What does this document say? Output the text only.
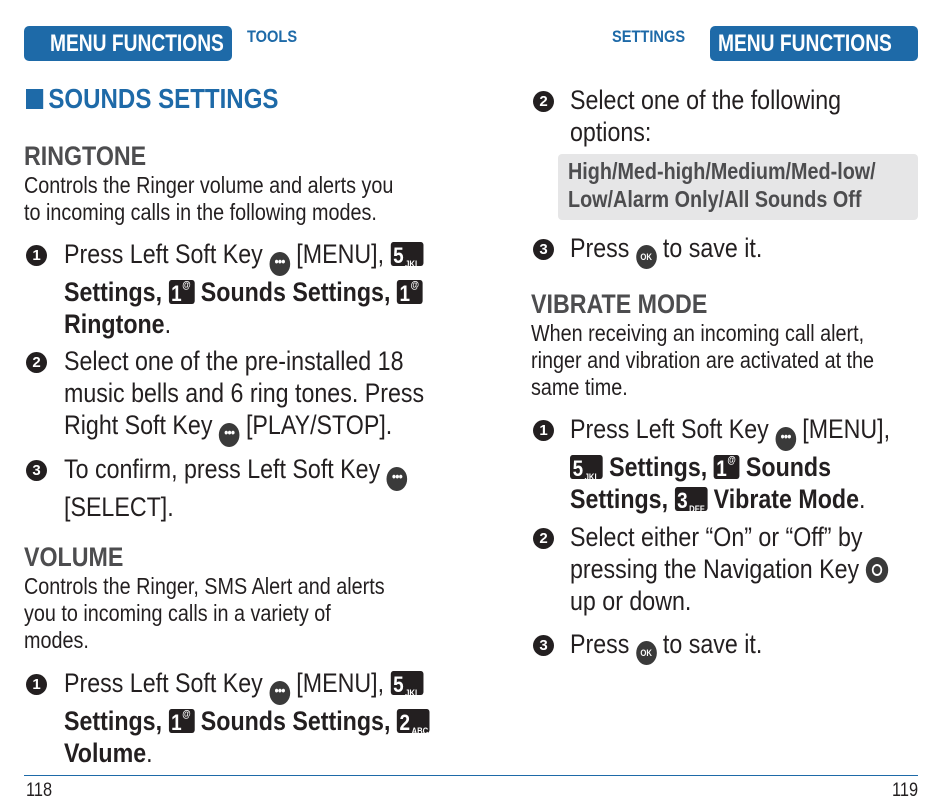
MENU FUNCTIONS	TOOLS	SETTINGS	MENU FUNCTIONS
SOUNDS SETTINGS
RINGTONE
Controls the Ringer volume and alerts you
to incoming calls in the following modes.
1 Press Left Soft Key ••• [MENU], 5 JKL

Settings, 1 @ Sounds Settings, 1 @

Ringtone.
2 Select one of the pre-installed 18
music bells and 6 ring tones. Press
Right Soft Key ••• [PLAY/STOP].
3 To confirm, press Left Soft Key •••
[SELECT].
VOLUME
Controls the Ringer, SMS Alert and alerts
you to incoming calls in a variety of
modes.
1 Press Left Soft Key ••• [MENU], 5 JKL

Settings, 1 @ Sounds Settings, 2 ABC

Volume.
2 Select one of the following
options:
High/Med-high/Medium/Med-low/
Low/Alarm Only/All Sounds Off
3 Press OK to save it.
VIBRATE MODE
When receiving an incoming call alert,
ringer and vibration are activated at the
same time.
1 Press Left Soft Key ••• [MENU],

5 JKL Settings, 1 @ Sounds
Settings, 3 DEF Vibrate Mode.
2 Select either “On” or “Off” by
pressing the Navigation Key
up or down.
3 Press OK to save it.
118	119
